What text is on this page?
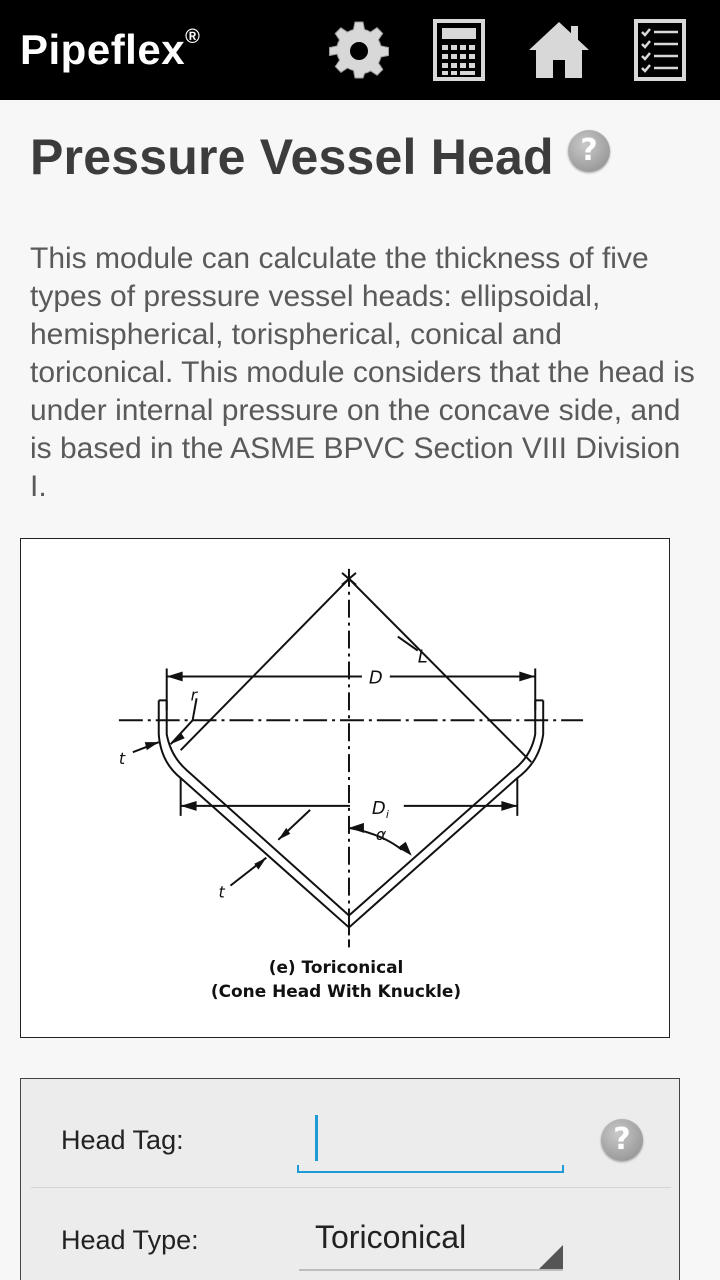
Pipeflex®
Pressure Vessel Head ?
This module can calculate the thickness of five types of pressure vessel heads: ellipsoidal, hemispherical, torispherical, conical and toriconical. This module considers that the head is under internal pressure on the concave side, and is based in the ASME BPVC Section VIII Division I.
L
D
D i
r
t
t
α
(e) Toriconical
(Cone Head With Knuckle)
Head Tag:	?
Head Type:	Toriconical
